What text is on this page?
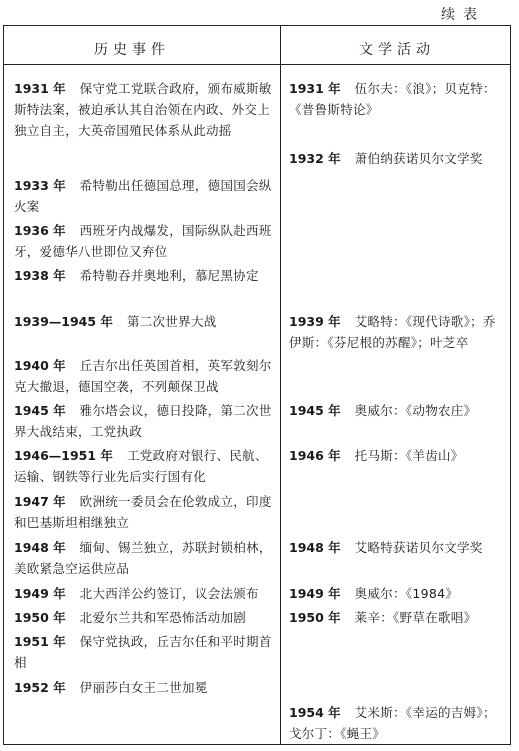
续表
历史事件	文学活动
1931 年 保守党工党联合政府，颁布威斯敏斯特法案，被迫承认其自治领在内政、外交上独立自主，大英帝国殖民体系从此动摇
1933 年 希特勒出任德国总理，德国国会纵火案
1936 年 西班牙内战爆发，国际纵队赴西班牙，爱德华八世即位又弃位
1938 年 希特勒吞并奥地利，慕尼黑协定
1939—1945 年 第二次世界大战
1940 年 丘吉尔出任英国首相，英军敦刻尔克大撤退，德国空袭，不列颠保卫战
1945 年 雅尔塔会议，德日投降，第二次世界大战结束，工党执政
1946—1951 年 工党政府对银行、民航、运输、钢铁等行业先后实行国有化
1947 年 欧洲统一委员会在伦敦成立，印度和巴基斯坦相继独立
1948 年 缅甸、锡兰独立，苏联封锁柏林，美欧紧急空运供应品
1949 年 北大西洋公约签订，议会法颁布
1950 年 北爱尔兰共和军恐怖活动加剧
1951 年 保守党执政，丘吉尔任和平时期首相
1952 年 伊丽莎白女王二世加冕
1931 年 伍尔夫：《浪》；贝克特：《普鲁斯特论》
1932 年 萧伯纳获诺贝尔文学奖
1939 年 艾略特：《现代诗歌》；乔伊斯：《芬尼根的苏醒》；叶芝卒
1945 年 奥威尔：《动物农庄》
1946 年 托马斯：《羊齿山》
1948 年 艾略特获诺贝尔文学奖
1949 年 奥威尔：《1984》
1950 年 莱辛：《野草在歌唱》
1954 年 艾米斯：《幸运的吉姆》；戈尔丁：《蝇王》
